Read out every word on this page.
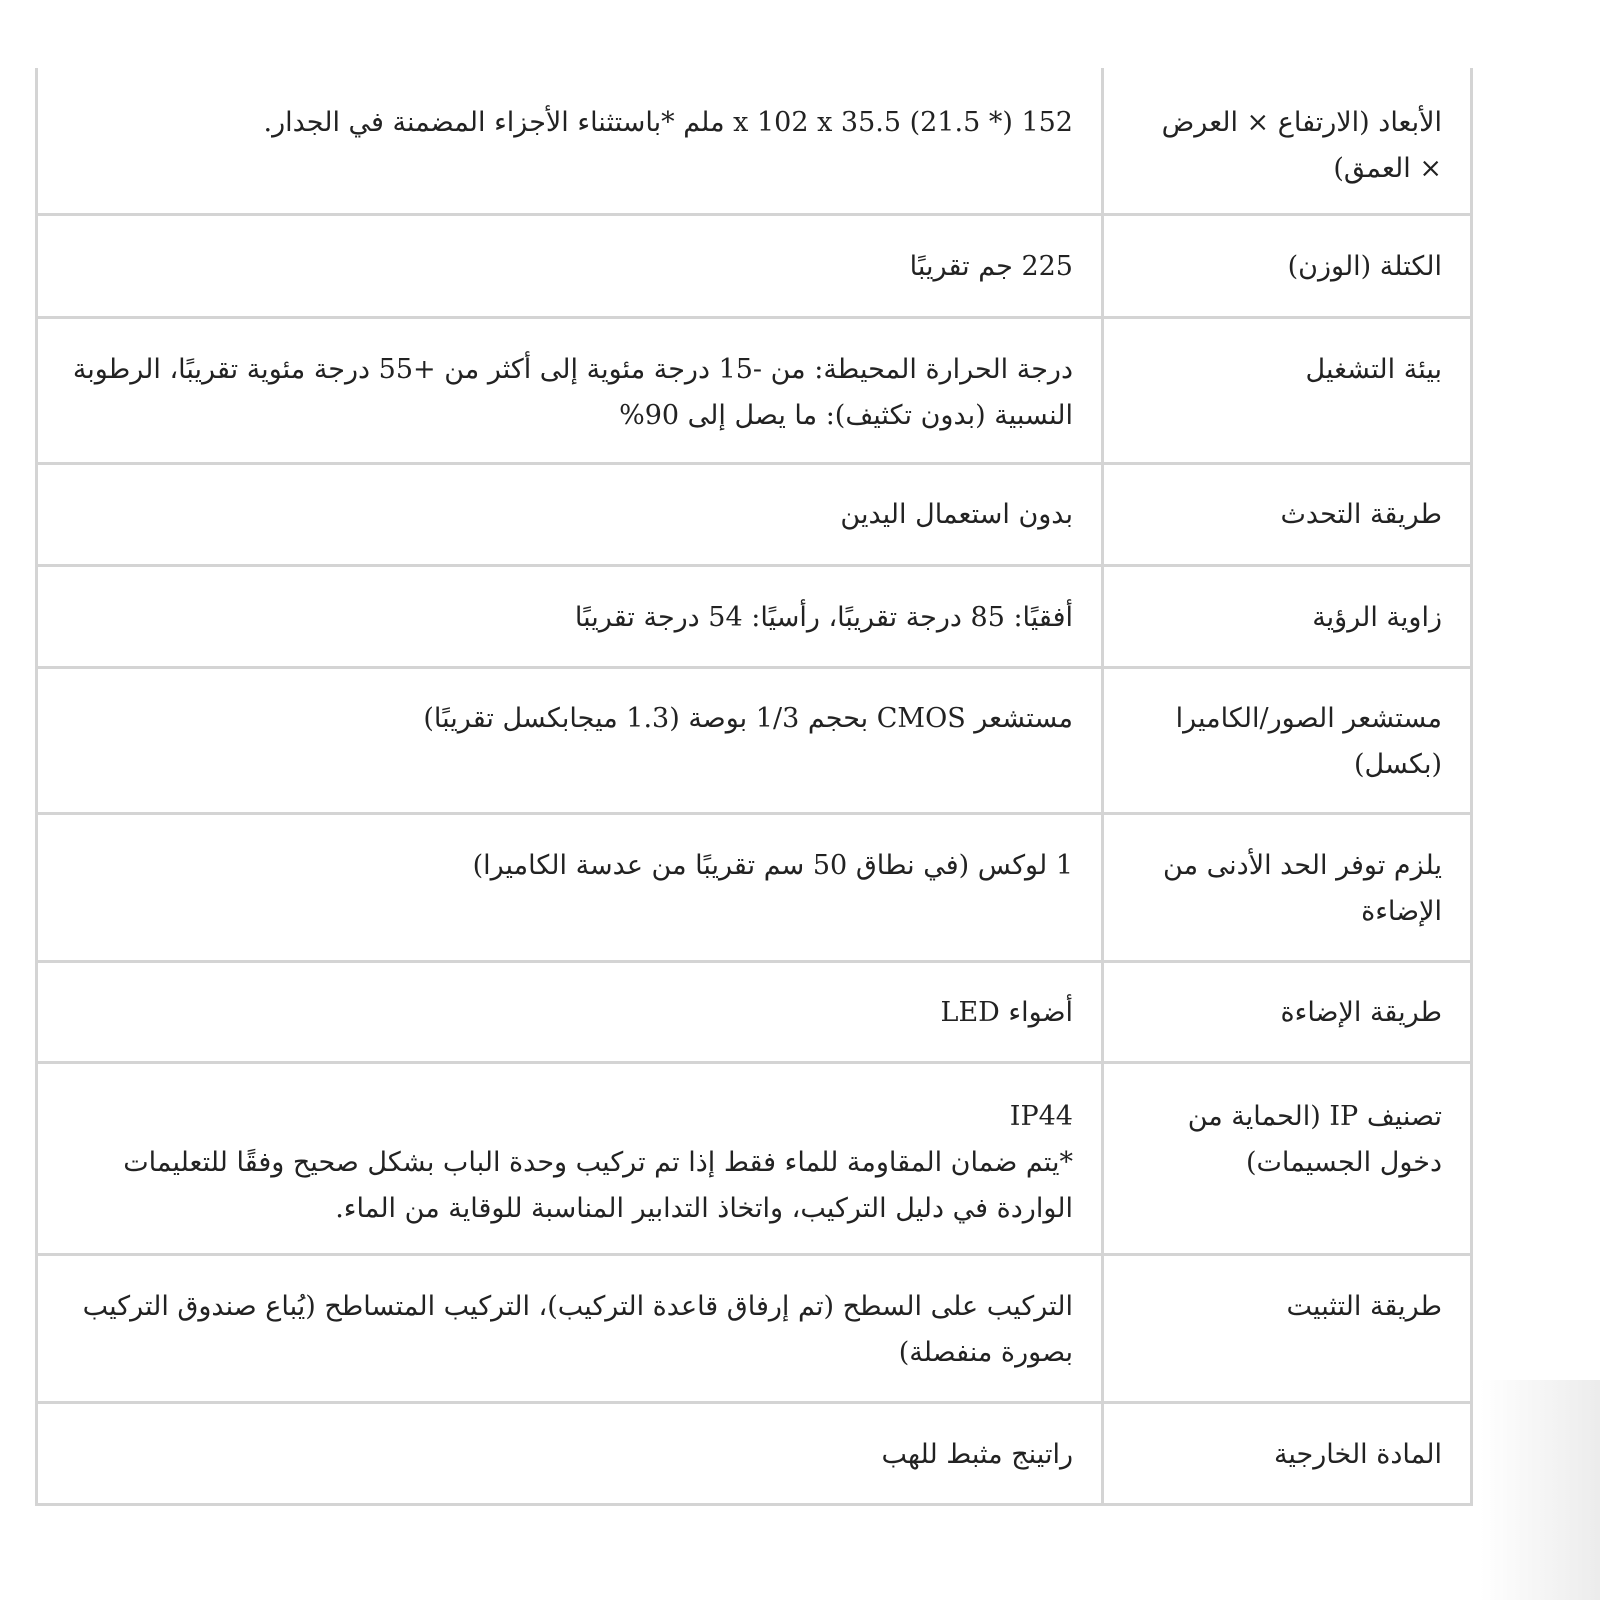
الأبعاد (الارتفاع × العرض × العمق)	152 x 102 x 35.5 (21.5 *) ملم *باستثناء الأجزاء المضمنة في الجدار.

الكتلة (الوزن)	225 جم تقريبًا

بيئة التشغيل	درجة الحرارة المحيطة: من -15 درجة مئوية إلى أكثر من +55 درجة مئوية تقريبًا، الرطوبة النسبية (بدون تكثيف): ما يصل إلى 90%

طريقة التحدث	بدون استعمال اليدين

زاوية الرؤية	أفقيًا: 85 درجة تقريبًا، رأسيًا: 54 درجة تقريبًا

مستشعر الصور/الكاميرا (بكسل)	مستشعر CMOS بحجم 1/3 بوصة (1.3 ميجابكسل تقريبًا)

يلزم توفر الحد الأدنى من الإضاءة	1 لوكس (في نطاق 50 سم تقريبًا من عدسة الكاميرا)

طريقة الإضاءة	أضواء LED

تصنيف IP (الحماية من دخول الجسيمات)	IP44
*يتم ضمان المقاومة للماء فقط إذا تم تركيب وحدة الباب بشكل صحيح وفقًا للتعليمات الواردة في دليل التركيب، واتخاذ التدابير المناسبة للوقاية من الماء.

طريقة التثبيت	التركيب على السطح (تم إرفاق قاعدة التركيب)، التركيب المتساطح (يُباع صندوق التركيب بصورة منفصلة)

المادة الخارجية	راتينج مثبط للهب
